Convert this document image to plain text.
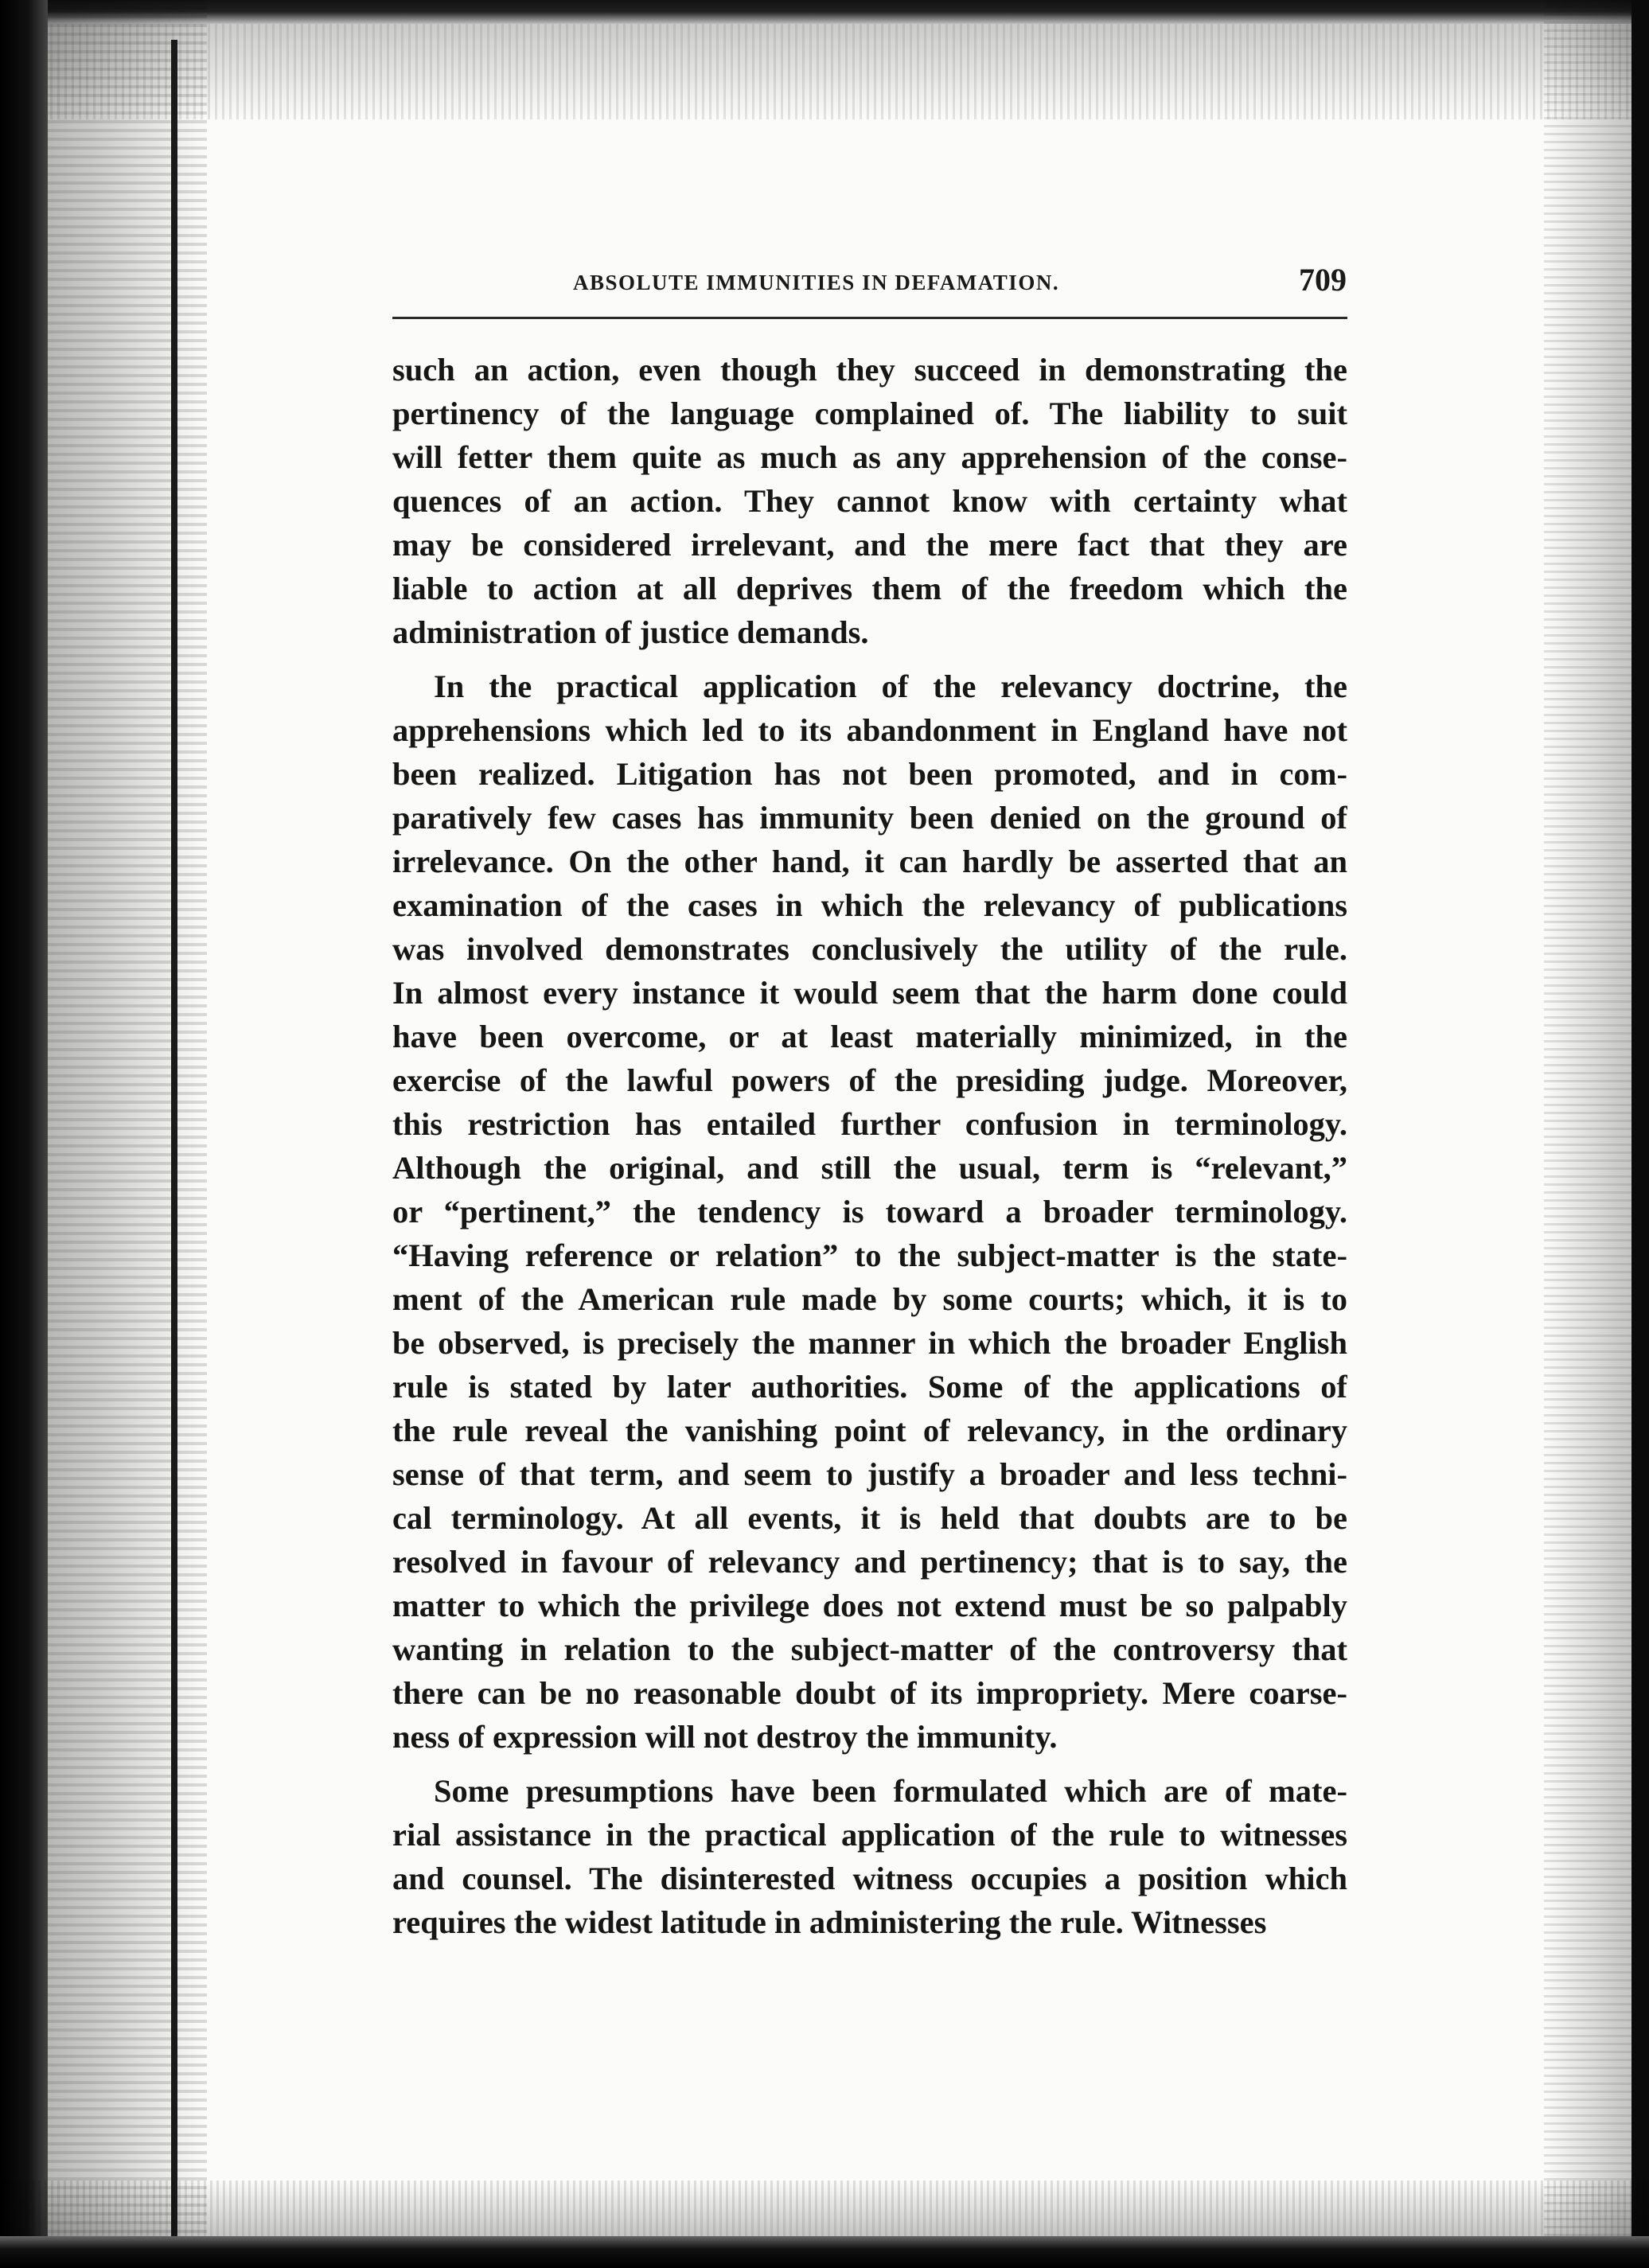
ABSOLUTE IMMUNITIES IN DEFAMATION.	709
such an action, even though they succeed in demonstrating the
pertinency of the language complained of. The liability to suit
will fetter them quite as much as any apprehension of the conse-
quences of an action. They cannot know with certainty what
may be considered irrelevant, and the mere fact that they are
liable to action at all deprives them of the freedom which the
administration of justice demands.
In the practical application of the relevancy doctrine, the
apprehensions which led to its abandonment in England have not
been realized. Litigation has not been promoted, and in com-
paratively few cases has immunity been denied on the ground of
irrelevance. On the other hand, it can hardly be asserted that an
examination of the cases in which the relevancy of publications
was involved demonstrates conclusively the utility of the rule.
In almost every instance it would seem that the harm done could
have been overcome, or at least materially minimized, in the
exercise of the lawful powers of the presiding judge. Moreover,
this restriction has entailed further confusion in terminology.
Although the original, and still the usual, term is “relevant,”
or “pertinent,” the tendency is toward a broader terminology.
“Having reference or relation” to the subject-matter is the state-
ment of the American rule made by some courts; which, it is to
be observed, is precisely the manner in which the broader English
rule is stated by later authorities. Some of the applications of
the rule reveal the vanishing point of relevancy, in the ordinary
sense of that term, and seem to justify a broader and less techni-
cal terminology. At all events, it is held that doubts are to be
resolved in favour of relevancy and pertinency; that is to say, the
matter to which the privilege does not extend must be so palpably
wanting in relation to the subject-matter of the controversy that
there can be no reasonable doubt of its impropriety. Mere coarse-
ness of expression will not destroy the immunity.
Some presumptions have been formulated which are of mate-
rial assistance in the practical application of the rule to witnesses
and counsel. The disinterested witness occupies a position which
requires the widest latitude in administering the rule. Witnesses
